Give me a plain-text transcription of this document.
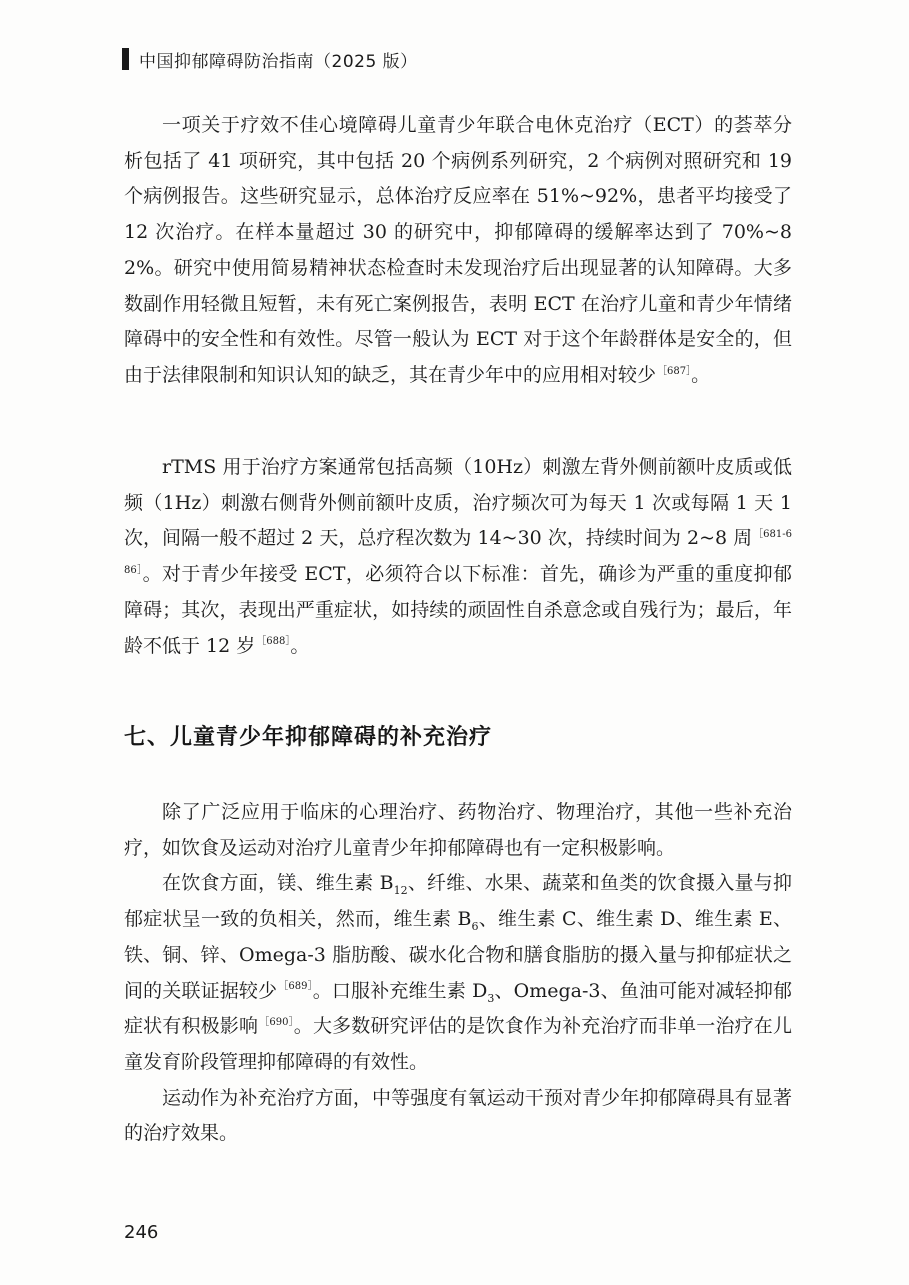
中国抑郁障碍防治指南（2025 版）

一项关于疗效不佳心境障碍儿童青少年联合电休克治疗（ECT）的荟萃分析包括了 41 项研究，其中包括 20 个病例系列研究，2 个病例对照研究和 19 个病例报告。这些研究显示，总体治疗反应率在 51%~92%，患者平均接受了 12 次治疗。在样本量超过 30 的研究中，抑郁障碍的缓解率达到了 70%~82%。研究中使用简易精神状态检查时未发现治疗后出现显著的认知障碍。大多数副作用轻微且短暂，未有死亡案例报告，表明 ECT 在治疗儿童和青少年情绪障碍中的安全性和有效性。尽管一般认为 ECT 对于这个年龄群体是安全的，但由于法律限制和知识认知的缺乏，其在青少年中的应用相对较少$^{[687]}$。

rTMS 用于治疗方案通常包括高频（10Hz）刺激左背外侧前额叶皮质或低频（1Hz）刺激右侧背外侧前额叶皮质，治疗频次可为每天 1 次或每隔 1 天 1 次，间隔一般不超过 2 天，总疗程次数为 14~30 次，持续时间为 2~8 周$^{[681-686]}$。对于青少年接受 ECT，必须符合以下标准：首先，确诊为严重的重度抑郁障碍；其次，表现出严重症状，如持续的顽固性自杀意念或自残行为；最后，年龄不低于 12 岁$^{[688]}$。

七、儿童青少年抑郁障碍的补充治疗

除了广泛应用于临床的心理治疗、药物治疗、物理治疗，其他一些补充治疗，如饮食及运动对治疗儿童青少年抑郁障碍也有一定积极影响。

在饮食方面，镁、维生素 $B_{12}$、纤维、水果、蔬菜和鱼类的饮食摄入量与抑郁症状呈一致的负相关，然而，维生素 $B_6$、维生素 C、维生素 D、维生素 E、铁、铜、锌、Omega-3 脂肪酸、碳水化合物和膳食脂肪的摄入量与抑郁症状之间的关联证据较少$^{[689]}$。口服补充维生素 $D_3$、Omega-3、鱼油可能对减轻抑郁症状有积极影响$^{[690]}$。大多数研究评估的是饮食作为补充治疗而非单一治疗在儿童发育阶段管理抑郁障碍的有效性。

运动作为补充治疗方面，中等强度有氧运动干预对青少年抑郁障碍具有显著的治疗效果。

246
